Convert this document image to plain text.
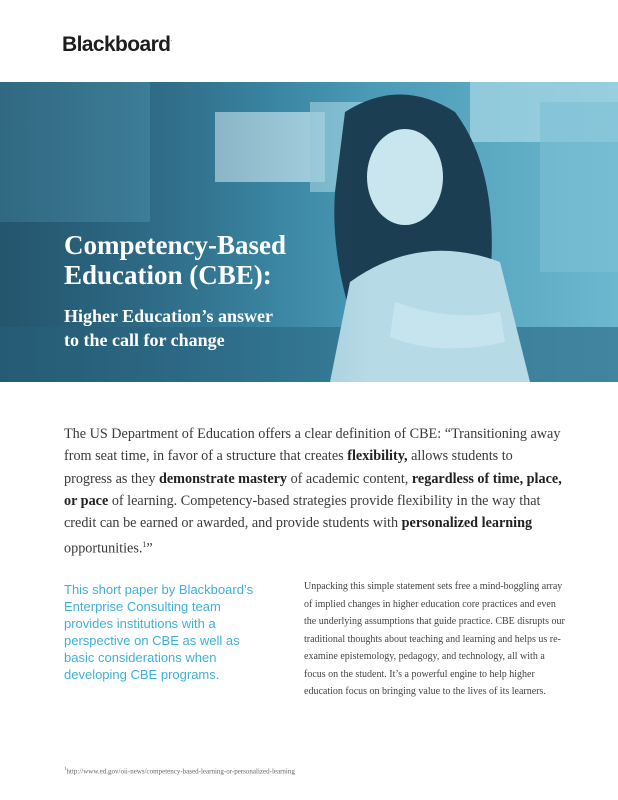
Blackboard.
Competency-Based
Education (CBE):
Higher Education’s answer
to the call for change

The US Department of Education offers a clear definition of CBE: “Transitioning away from seat time, in favor of a structure that creates flexibility, allows students to progress as they demonstrate mastery of academic content, regardless of time, place, or pace of learning. Competency-based strategies provide flexibility in the way that credit can be earned or awarded, and provide students with personalized learning opportunities.$^1$”

This short paper by Blackboard’s Enterprise Consulting team provides institutions with a perspective on CBE as well as basic considerations when developing CBE programs.

Unpacking this simple statement sets free a mind-boggling array of implied changes in higher education core practices and even the underlying assumptions that guide practice. CBE disrupts our traditional thoughts about teaching and learning and helps us re-examine epistemology, pedagogy, and technology, all with a focus on the student. It’s a powerful engine to help higher education focus on bringing value to the lives of its learners.

$^1$http://www.ed.gov/oii-news/competency-based-learning-or-personalized-learning
